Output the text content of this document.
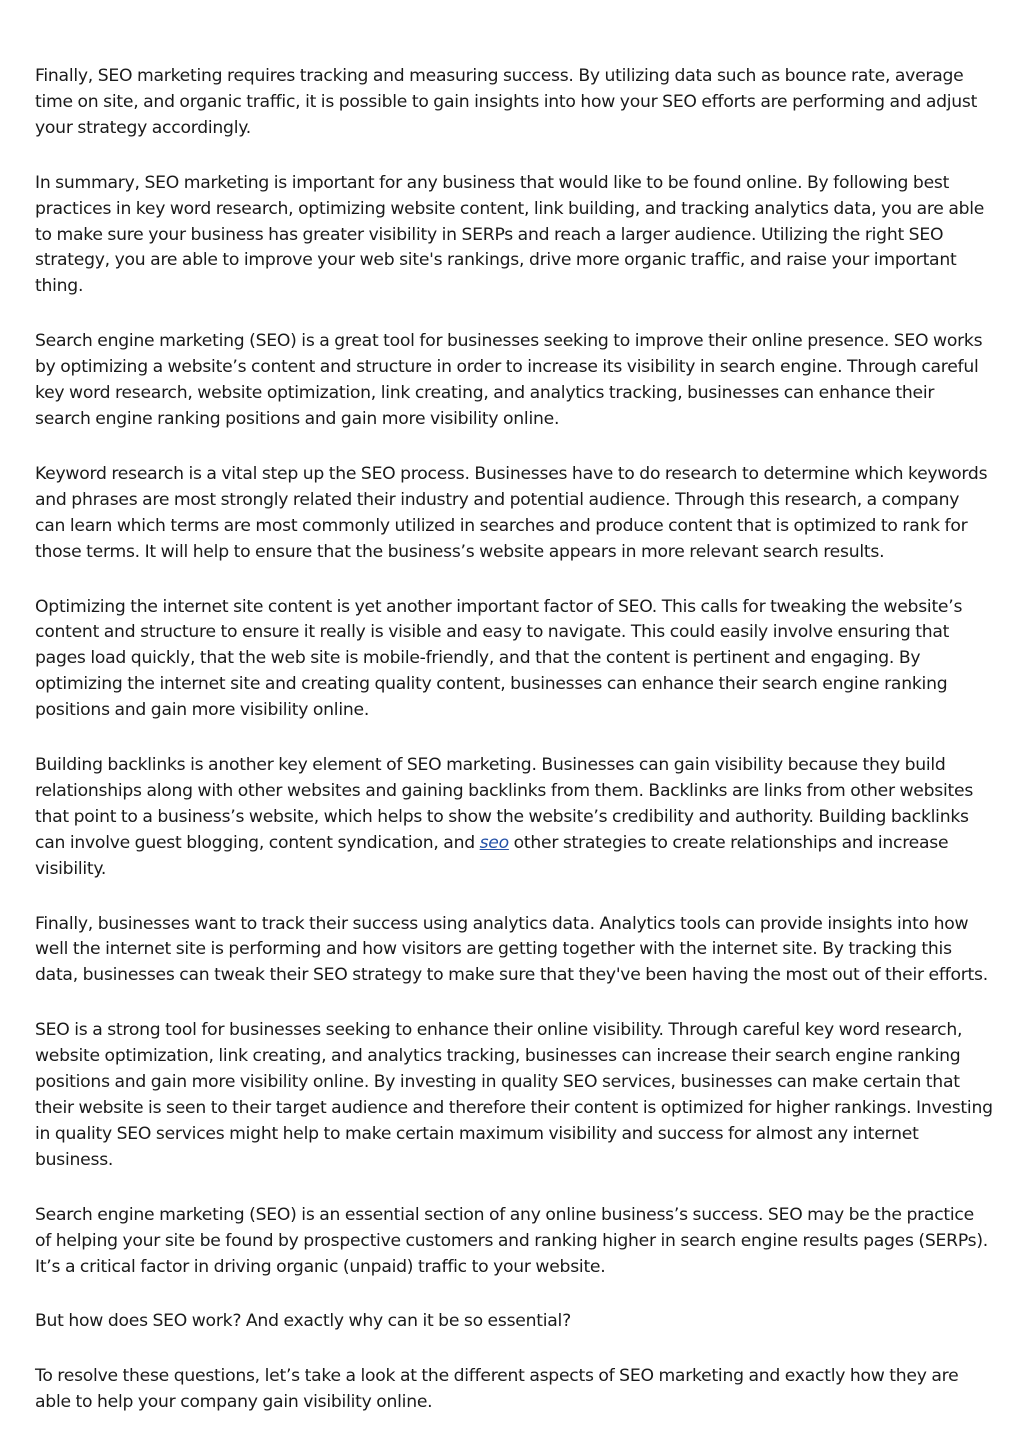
Finally, SEO marketing requires tracking and measuring success. By utilizing data such as bounce rate, average time on site, and organic traffic, it is possible to gain insights into how your SEO efforts are performing and adjust your strategy accordingly.

In summary, SEO marketing is important for any business that would like to be found online. By following best practices in key word research, optimizing website content, link building, and tracking analytics data, you are able to make sure your business has greater visibility in SERPs and reach a larger audience. Utilizing the right SEO strategy, you are able to improve your web site's rankings, drive more organic traffic, and raise your important thing.

Search engine marketing (SEO) is a great tool for businesses seeking to improve their online presence. SEO works by optimizing a website’s content and structure in order to increase its visibility in search engine. Through careful key word research, website optimization, link creating, and analytics tracking, businesses can enhance their search engine ranking positions and gain more visibility online.

Keyword research is a vital step up the SEO process. Businesses have to do research to determine which keywords and phrases are most strongly related their industry and potential audience. Through this research, a company can learn which terms are most commonly utilized in searches and produce content that is optimized to rank for those terms. It will help to ensure that the business’s website appears in more relevant search results.

Optimizing the internet site content is yet another important factor of SEO. This calls for tweaking the website’s content and structure to ensure it really is visible and easy to navigate. This could easily involve ensuring that pages load quickly, that the web site is mobile-friendly, and that the content is pertinent and engaging. By optimizing the internet site and creating quality content, businesses can enhance their search engine ranking positions and gain more visibility online.

Building backlinks is another key element of SEO marketing. Businesses can gain visibility because they build relationships along with other websites and gaining backlinks from them. Backlinks are links from other websites that point to a business’s website, which helps to show the website’s credibility and authority. Building backlinks can involve guest blogging, content syndication, and seo other strategies to create relationships and increase visibility.

Finally, businesses want to track their success using analytics data. Analytics tools can provide insights into how well the internet site is performing and how visitors are getting together with the internet site. By tracking this data, businesses can tweak their SEO strategy to make sure that they've been having the most out of their efforts.

SEO is a strong tool for businesses seeking to enhance their online visibility. Through careful key word research, website optimization, link creating, and analytics tracking, businesses can increase their search engine ranking positions and gain more visibility online. By investing in quality SEO services, businesses can make certain that their website is seen to their target audience and therefore their content is optimized for higher rankings. Investing in quality SEO services might help to make certain maximum visibility and success for almost any internet business.

Search engine marketing (SEO) is an essential section of any online business’s success. SEO may be the practice of helping your site be found by prospective customers and ranking higher in search engine results pages (SERPs). It’s a critical factor in driving organic (unpaid) traffic to your website.

But how does SEO work? And exactly why can it be so essential?

To resolve these questions, let’s take a look at the different aspects of SEO marketing and exactly how they are able to help your company gain visibility online.
